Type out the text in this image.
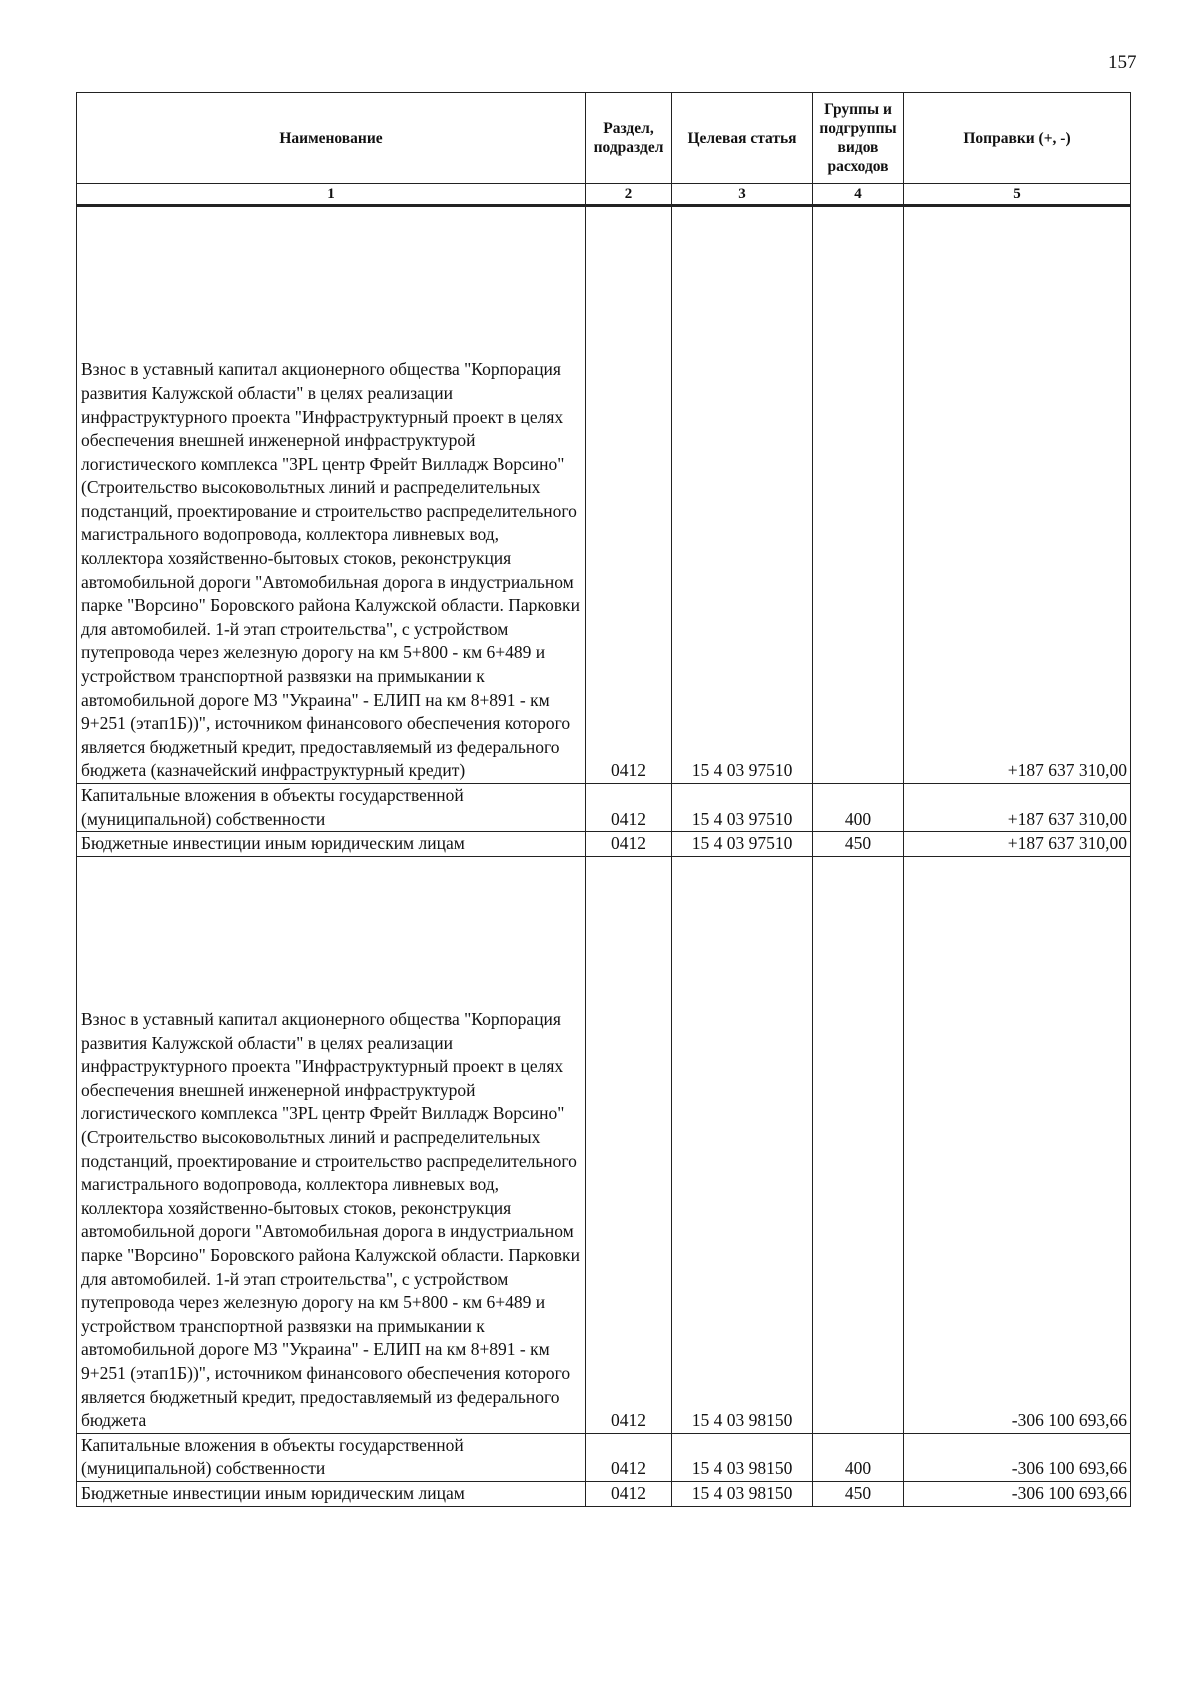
157
Наименование	Раздел, подраздел	Целевая статья	Группы и подгруппы видов расходов	Поправки (+, -)
1	2	3	4	5
Взнос в уставный капитал акционерного общества "Корпорация развития Калужской области" в целях реализации инфраструктурного проекта "Инфраструктурный проект в целях обеспечения внешней инженерной инфраструктурой логистического комплекса "3PL центр Фрейт Вилладж Ворсино" (Строительство высоковольтных линий и распределительных подстанций, проектирование и строительство распределительного магистрального водопровода, коллектора ливневых вод, коллектора хозяйственно-бытовых стоков, реконструкция автомобильной дороги "Автомобильная дорога в индустриальном парке "Ворсино" Боровского района Калужской области. Парковки для автомобилей. 1-й этап строительства", с устройством путепровода через железную дорогу на км 5+800 - км 6+489 и устройством транспортной развязки на примыкании к автомобильной дороге М3 "Украина" - ЕЛИП на км 8+891 - км 9+251 (этап1Б))", источником финансового обеспечения которого является бюджетный кредит, предоставляемый из федерального бюджета (казначейский инфраструктурный кредит)	0412	15 4 03 97510		+187 637 310,00
Капитальные вложения в объекты государственной (муниципальной) собственности	0412	15 4 03 97510	400	+187 637 310,00
Бюджетные инвестиции иным юридическим лицам	0412	15 4 03 97510	450	+187 637 310,00
Взнос в уставный капитал акционерного общества "Корпорация развития Калужской области" в целях реализации инфраструктурного проекта "Инфраструктурный проект в целях обеспечения внешней инженерной инфраструктурой логистического комплекса "3PL центр Фрейт Вилладж Ворсино" (Строительство высоковольтных линий и распределительных подстанций, проектирование и строительство распределительного магистрального водопровода, коллектора ливневых вод, коллектора хозяйственно-бытовых стоков, реконструкция автомобильной дороги "Автомобильная дорога в индустриальном парке "Ворсино" Боровского района Калужской области. Парковки для автомобилей. 1-й этап строительства", с устройством путепровода через железную дорогу на км 5+800 - км 6+489 и устройством транспортной развязки на примыкании к автомобильной дороге М3 "Украина" - ЕЛИП на км 8+891 - км 9+251 (этап1Б))", источником финансового обеспечения которого является бюджетный кредит, предоставляемый из федерального бюджета	0412	15 4 03 98150		-306 100 693,66
Капитальные вложения в объекты государственной (муниципальной) собственности	0412	15 4 03 98150	400	-306 100 693,66
Бюджетные инвестиции иным юридическим лицам	0412	15 4 03 98150	450	-306 100 693,66
